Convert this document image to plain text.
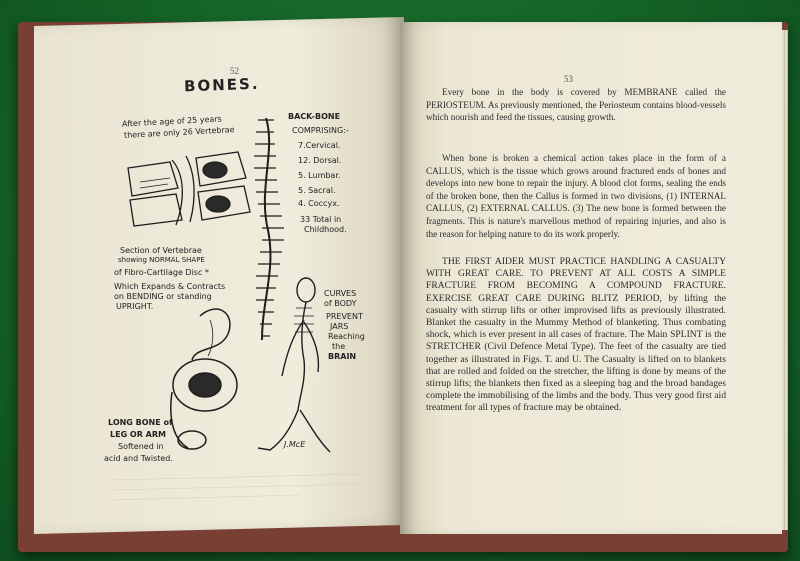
52
BONES.
After the age of 25 years
there are only 26 Vertebrae
BACK-BONE
COMPRISING:-
7.Cervical.
12. Dorsal.
5. Lumbar.
5. Sacral.
4. Coccyx.
33 Total in
Childhood.
Section of Vertebrae
showing NORMAL SHAPE
of Fibro-Cartilage Disc *
Which Expands & Contracts
on BENDING or standing
UPRIGHT.
CURVES
of BODY
PREVENT
JARS
Reaching
the
BRAIN
LONG BONE of
LEG OR ARM
Softened in
acid and Twisted.
J.McE
53

Every bone in the body is covered by MEMBRANE called the PERIOSTEUM. As previously mentioned, the Periosteum contains blood-vessels which nourish and feed the tissues, causing growth.

When bone is broken a chemical action takes place in the form of a CALLUS, which is the tissue which grows around fractured ends of bones and develops into new bone to repair the injury. A blood clot forms, sealing the ends of the broken bone, then the Callus is formed in two divisions, (1) INTERNAL CALLUS, (2) EXTERNAL CALLUS. (3) The new bone is formed between the fragments. This is nature's marvellous method of repairing injuries, and also is the reason for helping nature to do its work properly.

THE FIRST AIDER MUST PRACTICE HANDLING A CASUALTY WITH GREAT CARE. TO PREVENT AT ALL COSTS A SIMPLE FRACTURE FROM BECOMING A COMPOUND FRACTURE. EXERCISE GREAT CARE DURING BLITZ PERIOD, by lifting the casualty with stirrup lifts or other improvised lifts as previously illustrated. Blanket the casualty in the Mummy Method of blanketing. Thus combating shock, which is ever present in all cases of fracture. The Main SPLINT is the STRETCHER (Civil Defence Metal Type). The feet of the casualty are tied together as illustrated in Figs. T. and U. The Casualty is lifted on to blankets that are rolled and folded on the stretcher, the lifting is done by means of the stirrup lifts; the blankets then fixed as a sleeping bag and the broad bandages complete the immobilising of the limbs and the body. Thus very good first aid treatment for all types of fracture may be obtained.
